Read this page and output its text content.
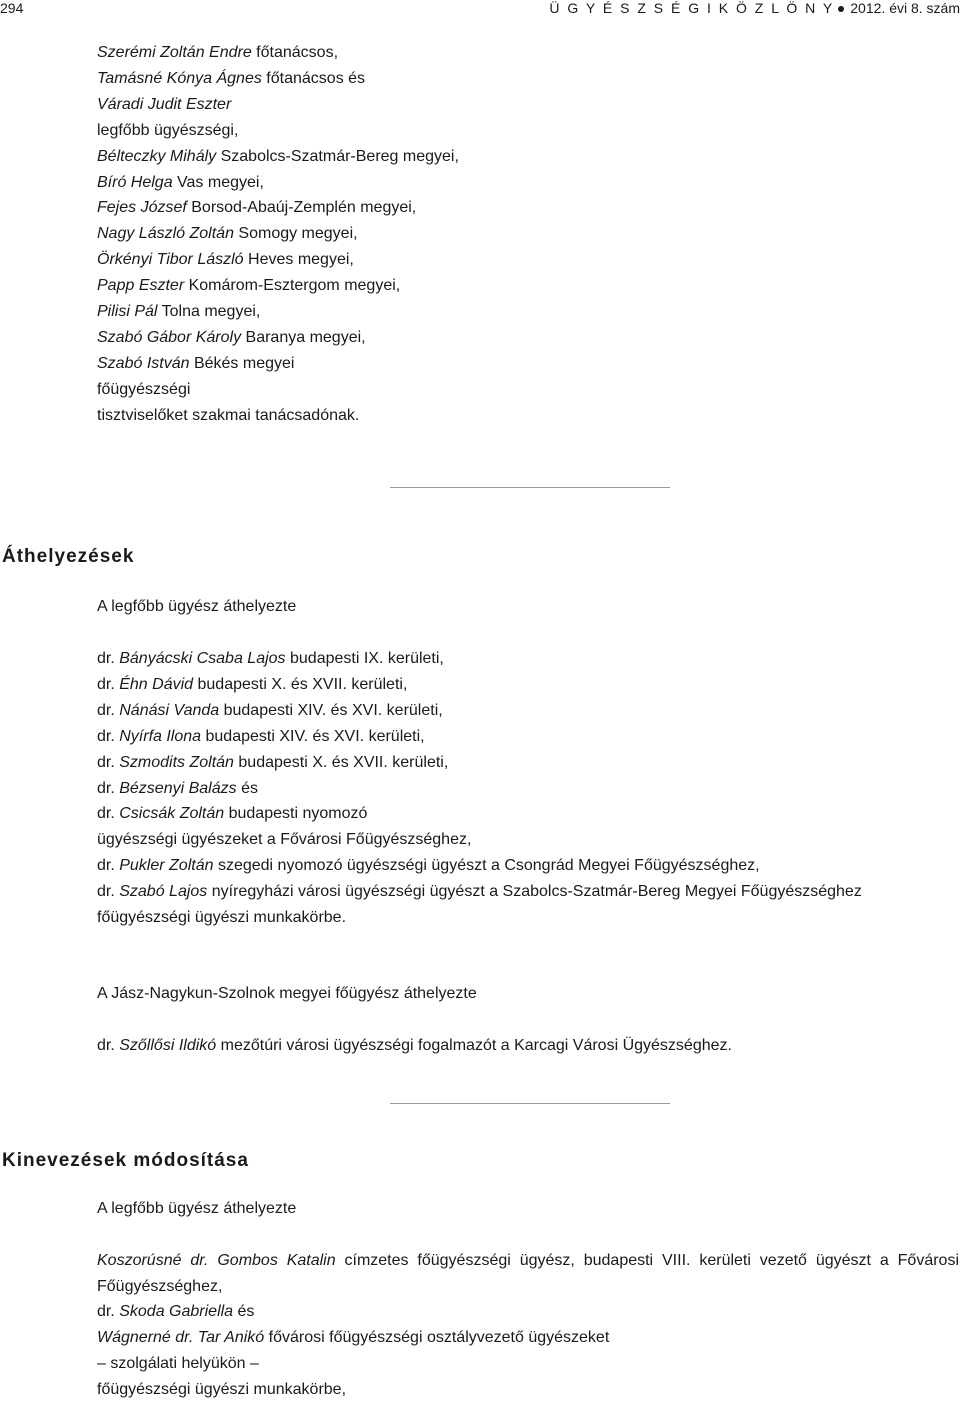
294	Ü G Y É S Z S É G I K Ö Z L Ö N Y 2012. évi 8. szám
Szerémi Zoltán Endre főtanácsos,
Tamásné Kónya Ágnes főtanácsos és
Váradi Judit Eszter
legfőbb ügyészségi,
Bélteczky Mihály Szabolcs-Szatmár-Bereg megyei,
Bíró Helga Vas megyei,
Fejes József Borsod-Abaúj-Zemplén megyei,
Nagy László Zoltán Somogy megyei,
Örkényi Tibor László Heves megyei,
Papp Eszter Komárom-Esztergom megyei,
Pilisi Pál Tolna megyei,
Szabó Gábor Károly Baranya megyei,
Szabó István Békés megyei
főügyészségi
tisztviselőket szakmai tanácsadónak.
Áthelyezések
A legfőbb ügyész áthelyezte
dr. Bányácski Csaba Lajos budapesti IX. kerületi,
dr. Éhn Dávid budapesti X. és XVII. kerületi,
dr. Nánási Vanda budapesti XIV. és XVI. kerületi,
dr. Nyírfa Ilona budapesti XIV. és XVI. kerületi,
dr. Szmodits Zoltán budapesti X. és XVII. kerületi,
dr. Bézsenyi Balázs és
dr. Csicsák Zoltán budapesti nyomozó
ügyészségi ügyészeket a Fővárosi Főügyészséghez,
dr. Pukler Zoltán szegedi nyomozó ügyészségi ügyészt a Csongrád Megyei Főügyészséghez,
dr. Szabó Lajos nyíregyházi városi ügyészségi ügyészt a Szabolcs-Szatmár-Bereg Megyei Főügyészséghez
főügyészségi ügyészi munkakörbe.
A Jász-Nagykun-Szolnok megyei főügyész áthelyezte
dr. Szőllősi Ildikó mezőtúri városi ügyészségi fogalmazót a Karcagi Városi Ügyészséghez.
Kinevezések módosítása
A legfőbb ügyész áthelyezte
Koszorúsné dr. Gombos Katalin címzetes főügyészségi ügyész, budapesti VIII. kerületi vezető ügyészt a Fővárosi Főügyészséghez,
dr. Skoda Gabriella és
Wágnerné dr. Tar Anikó fővárosi főügyészségi osztályvezető ügyészeket
– szolgálati helyükön –
főügyészségi ügyészi munkakörbe,
